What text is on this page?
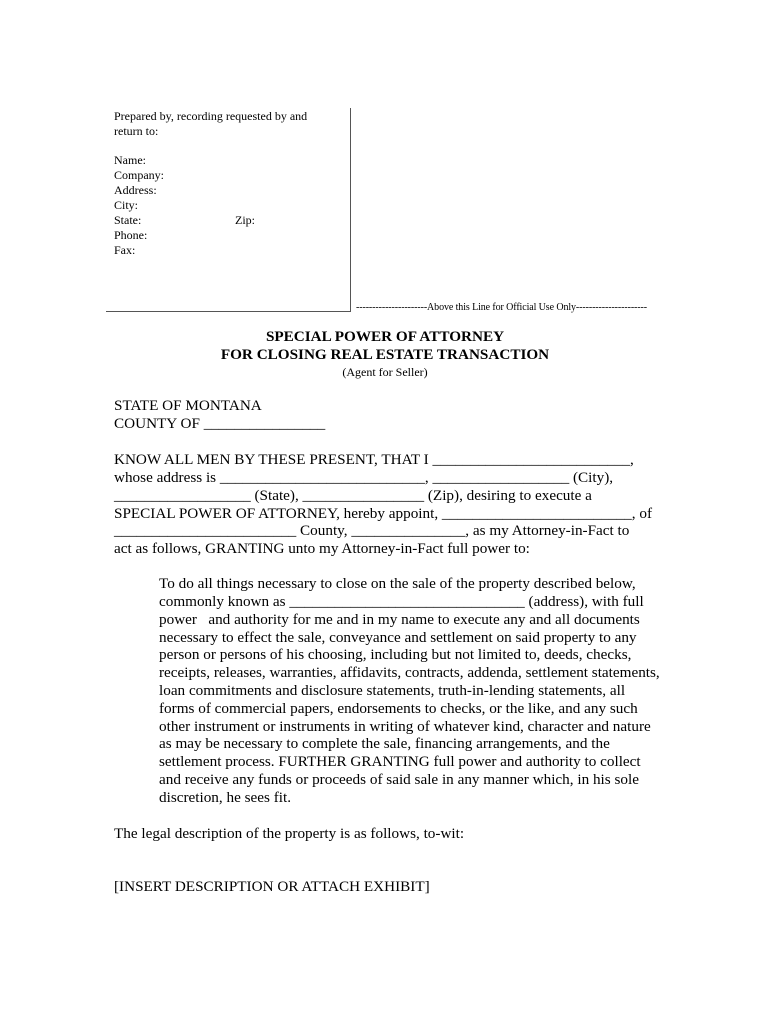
Prepared by, recording requested by and
return to:
Name:
Company:
Address:
City:
State:	Zip:
Phone:
Fax:
----------------------Above this Line for Official Use Only----------------------
SPECIAL POWER OF ATTORNEY
FOR CLOSING REAL ESTATE TRANSACTION
(Agent for Seller)
STATE OF MONTANA
COUNTY OF ________________
KNOW ALL MEN BY THESE PRESENT, THAT I __________________________,
whose address is ___________________________, __________________ (City),
__________________ (State), ________________ (Zip), desiring to execute a
SPECIAL POWER OF ATTORNEY, hereby appoint, _________________________, of
________________________ County, _______________, as my Attorney-in-Fact to
act as follows, GRANTING unto my Attorney-in-Fact full power to:
To do all things necessary to close on the sale of the property described below,
commonly known as _______________________________ (address), with full
power   and authority for me and in my name to execute any and all documents
necessary to effect the sale, conveyance and settlement on said property to any
person or persons of his choosing, including but not limited to, deeds, checks,
receipts, releases, warranties, affidavits, contracts, addenda, settlement statements,
loan commitments and disclosure statements, truth-in-lending statements, all
forms of commercial papers, endorsements to checks, or the like, and any such
other instrument or instruments in writing of whatever kind, character and nature
as may be necessary to complete the sale, financing arrangements, and the
settlement process. FURTHER GRANTING full power and authority to collect
and receive any funds or proceeds of said sale in any manner which, in his sole
discretion, he sees fit.
The legal description of the property is as follows, to-wit:
[INSERT DESCRIPTION OR ATTACH EXHIBIT]
